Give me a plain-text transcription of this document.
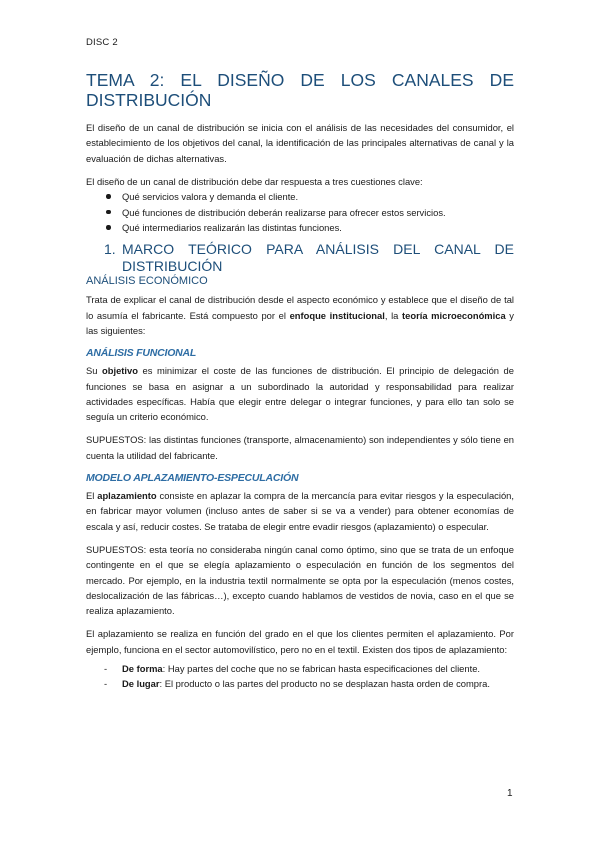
DISC 2
TEMA 2: EL DISEÑO DE LOS CANALES DE DISTRIBUCIÓN

El diseño de un canal de distribución se inicia con el análisis de las necesidades del consumidor, el establecimiento de los objetivos del canal, la identificación de las principales alternativas de canal y la evaluación de dichas alternativas.

El diseño de un canal de distribución debe dar respuesta a tres cuestiones clave:

Qué servicios valora y demanda el cliente.
Qué funciones de distribución deberán realizarse para ofrecer estos servicios.
Qué intermediarios realizarán las distintas funciones.
1. MARCO TEÓRICO PARA ANÁLISIS DEL CANAL DE DISTRIBUCIÓN
ANÁLISIS ECONÓMICO

Trata de explicar el canal de distribución desde el aspecto económico y establece que el diseño de tal lo asumía el fabricante. Está compuesto por el enfoque institucional, la teoría microeconómica y las siguientes:

ANÁLISIS FUNCIONAL

Su objetivo es minimizar el coste de las funciones de distribución. El principio de delegación de funciones se basa en asignar a un subordinado la autoridad y responsabilidad para realizar actividades específicas. Había que elegir entre delegar o integrar funciones, y para ello tan solo se seguía un criterio económico.

SUPUESTOS: las distintas funciones (transporte, almacenamiento) son independientes y sólo tiene en cuenta la utilidad del fabricante.

MODELO APLAZAMIENTO-ESPECULACIÓN

El aplazamiento consiste en aplazar la compra de la mercancía para evitar riesgos y la especulación, en fabricar mayor volumen (incluso antes de saber si se va a vender) para obtener economías de escala y así, reducir costes. Se trataba de elegir entre evadir riesgos (aplazamiento) o especular.

SUPUESTOS: esta teoría no consideraba ningún canal como óptimo, sino que se trata de un enfoque contingente en el que se elegía aplazamiento o especulación en función de los segmentos del mercado. Por ejemplo, en la industria textil normalmente se opta por la especulación (menos costes, deslocalización de las fábricas…), excepto cuando hablamos de vestidos de novia, caso en el que se realiza aplazamiento.

El aplazamiento se realiza en función del grado en el que los clientes permiten el aplazamiento. Por ejemplo, funciona en el sector automovilístico, pero no en el textil. Existen dos tipos de aplazamiento:

- De forma: Hay partes del coche que no se fabrican hasta especificaciones del cliente.
- De lugar: El producto o las partes del producto no se desplazan hasta orden de compra.
1
